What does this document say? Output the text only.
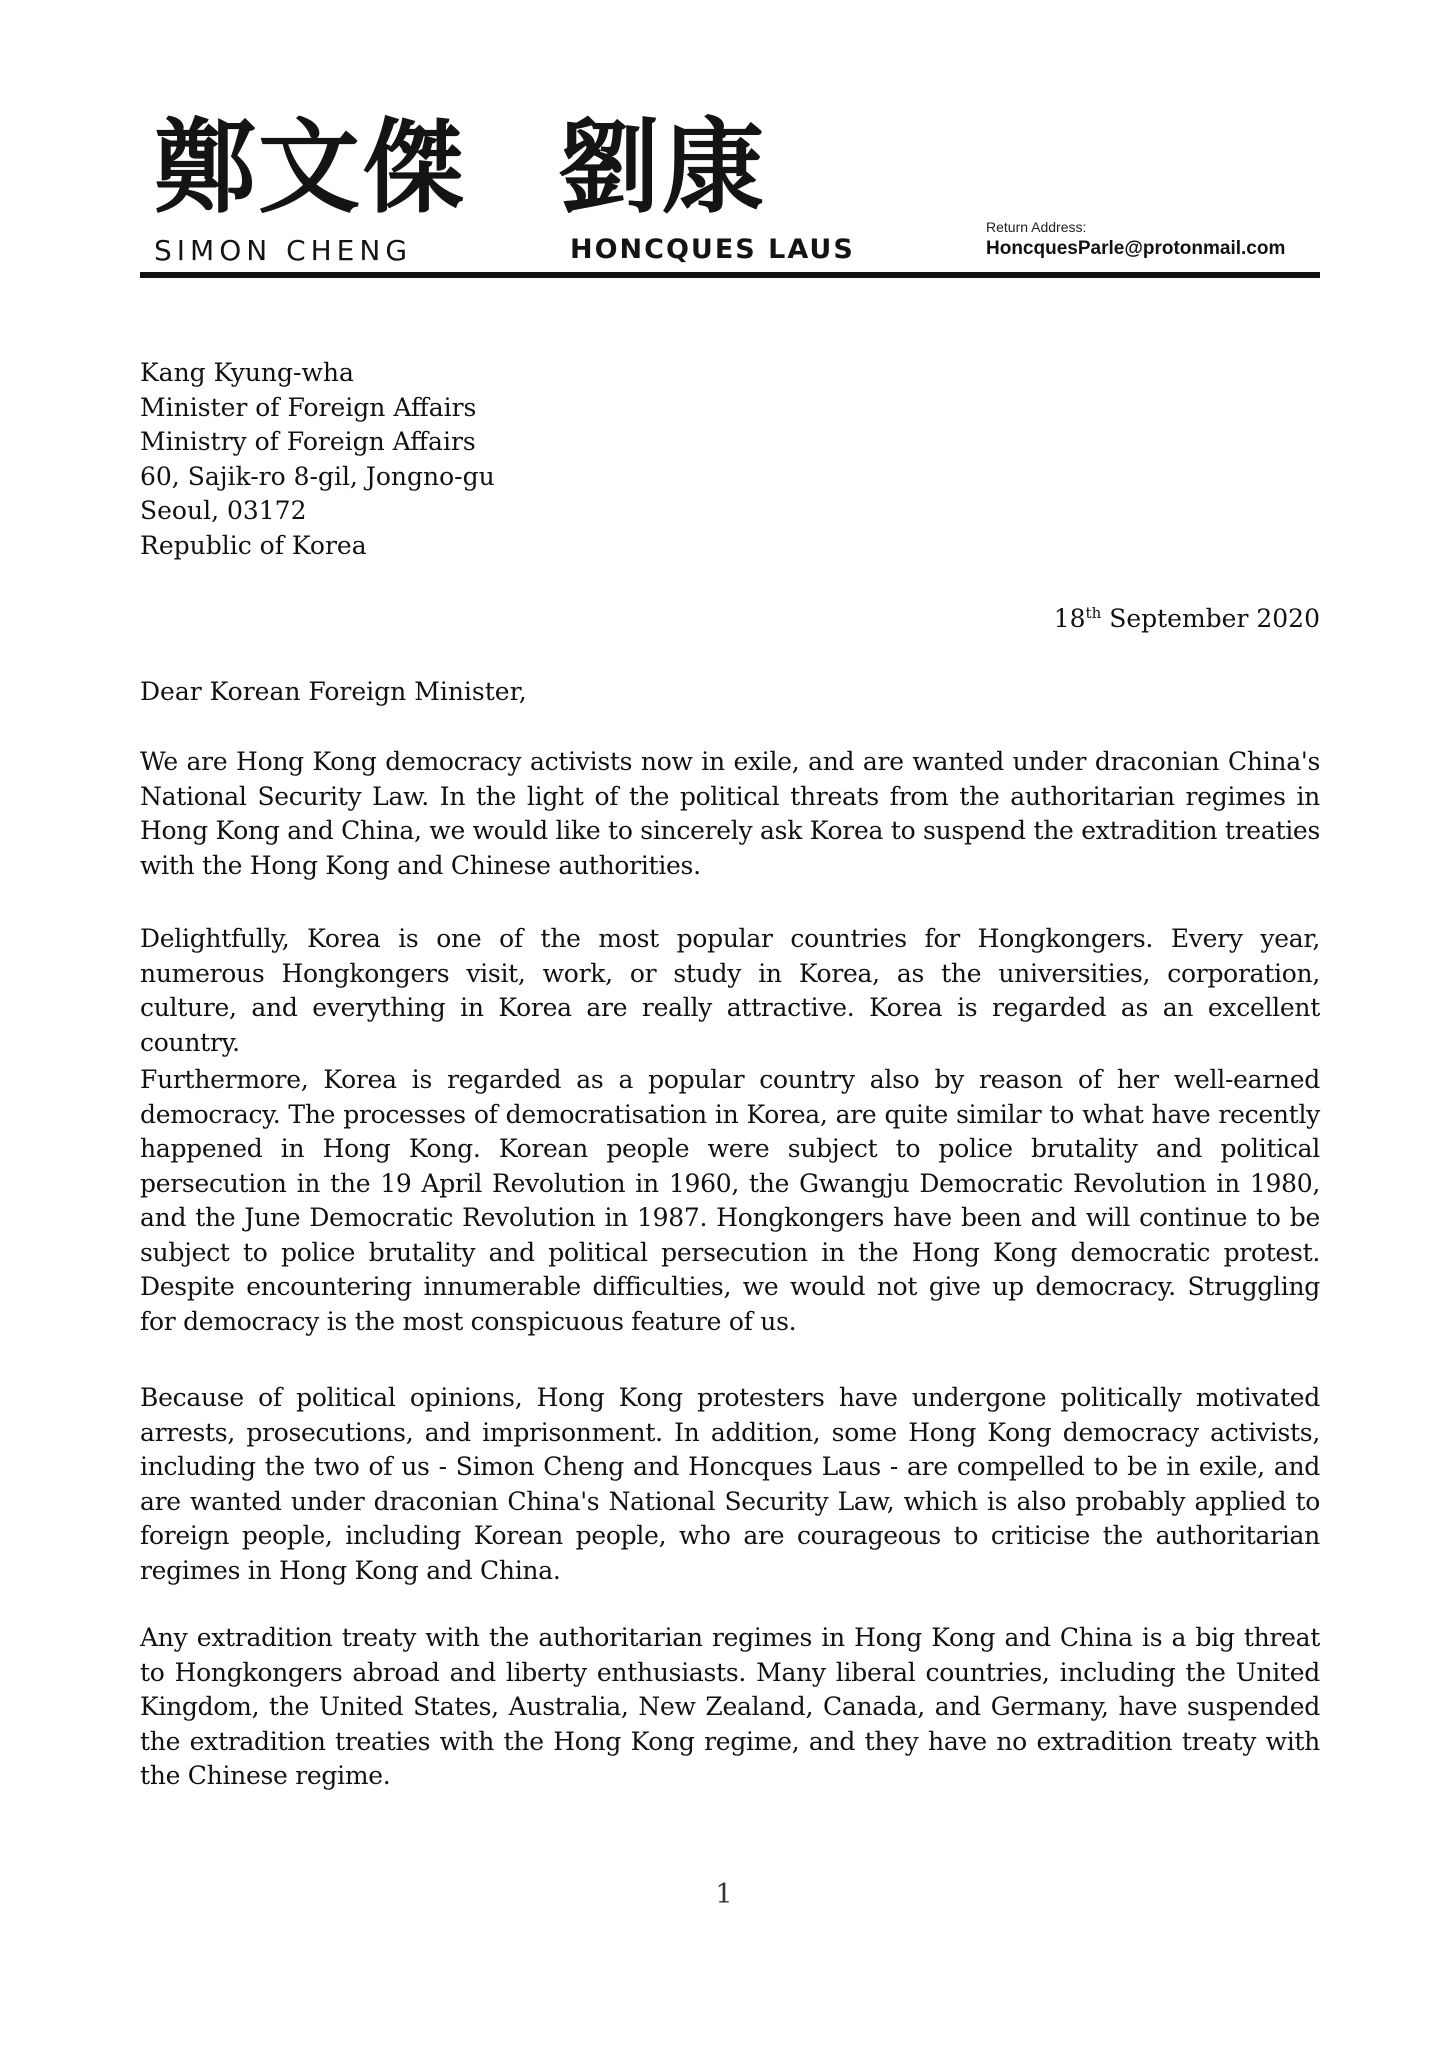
鄭文傑
SIMON CHENG
劉康
HONCQUES LAUS
Return Address:
HoncquesParle@protonmail.com
Kang Kyung-wha
Minister of Foreign Affairs
Ministry of Foreign Affairs
60, Sajik-ro 8-gil, Jongno-gu
Seoul, 03172
Republic of Korea
18th September 2020
Dear Korean Foreign Minister,

We are Hong Kong democracy activists now in exile, and are wanted under draconian China's National Security Law. In the light of the political threats from the authoritarian regimes in Hong Kong and China, we would like to sincerely ask Korea to suspend the extradition treaties with the Hong Kong and Chinese authorities.

Delightfully, Korea is one of the most popular countries for Hongkongers. Every year, numerous Hongkongers visit, work, or study in Korea, as the universities, corporation, culture, and everything in Korea are really attractive. Korea is regarded as an excellent country.

Furthermore, Korea is regarded as a popular country also by reason of her well-earned democracy. The processes of democratisation in Korea, are quite similar to what have recently happened in Hong Kong. Korean people were subject to police brutality and political persecution in the 19 April Revolution in 1960, the Gwangju Democratic Revolution in 1980, and the June Democratic Revolution in 1987. Hongkongers have been and will continue to be subject to police brutality and political persecution in the Hong Kong democratic protest. Despite encountering innumerable difficulties, we would not give up democracy. Struggling for democracy is the most conspicuous feature of us.

Because of political opinions, Hong Kong protesters have undergone politically motivated arrests, prosecutions, and imprisonment. In addition, some Hong Kong democracy activists, including the two of us - Simon Cheng and Honcques Laus - are compelled to be in exile, and are wanted under draconian China's National Security Law, which is also probably applied to foreign people, including Korean people, who are courageous to criticise the authoritarian regimes in Hong Kong and China.

Any extradition treaty with the authoritarian regimes in Hong Kong and China is a big threat to Hongkongers abroad and liberty enthusiasts. Many liberal countries, including the United Kingdom, the United States, Australia, New Zealand, Canada, and Germany, have suspended the extradition treaties with the Hong Kong regime, and they have no extradition treaty with the Chinese regime.

1
